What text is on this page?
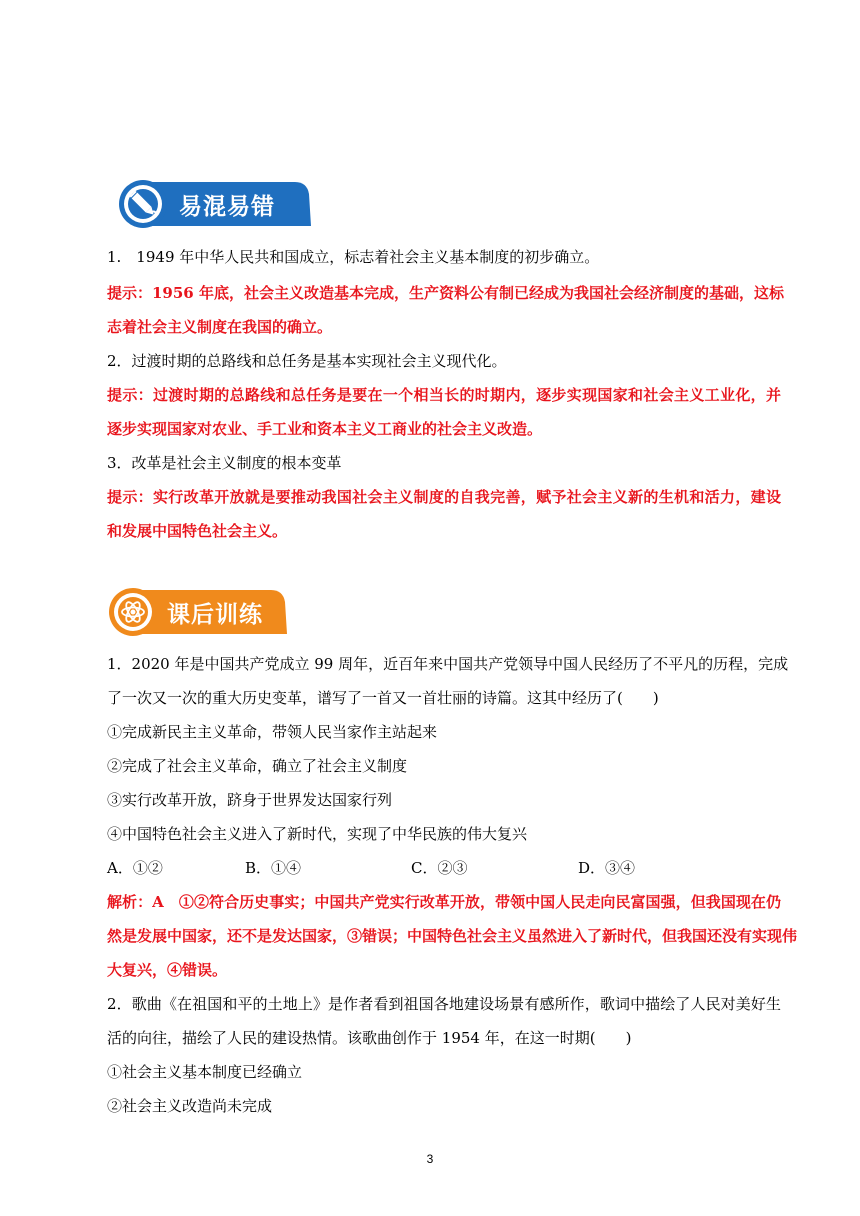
易混易错
1.　1949 年中华人民共和国成立，标志着社会主义基本制度的初步确立。
提示：1956 年底，社会主义改造基本完成，生产资料公有制已经成为我国社会经济制度的基础，这标
志着社会主义制度在我国的确立。
2．过渡时期的总路线和总任务是基本实现社会主义现代化。
提示：过渡时期的总路线和总任务是要在一个相当长的时期内，逐步实现国家和社会主义工业化，并
逐步实现国家对农业、手工业和资本主义工商业的社会主义改造。
3．改革是社会主义制度的根本变革
提示：实行改革开放就是要推动我国社会主义制度的自我完善，赋予社会主义新的生机和活力，建设
和发展中国特色社会主义。
课后训练
1．2020 年是中国共产党成立 99 周年，近百年来中国共产党领导中国人民经历了不平凡的历程，完成
了一次又一次的重大历史变革，谱写了一首又一首壮丽的诗篇。这其中经历了(　　)
①完成新民主主义革命，带领人民当家作主站起来
②完成了社会主义革命，确立了社会主义制度
③实行改革开放，跻身于世界发达国家行列
④中国特色社会主义进入了新时代，实现了中华民族的伟大复兴
A．①②	B．①④	C．②③	D．③④
解析：A　①②符合历史事实；中国共产党实行改革开放，带领中国人民走向民富国强，但我国现在仍
然是发展中国家，还不是发达国家，③错误；中国特色社会主义虽然进入了新时代，但我国还没有实现伟
大复兴，④错误。
2．歌曲《在祖国和平的土地上》是作者看到祖国各地建设场景有感所作，歌词中描绘了人民对美好生
活的向往，描绘了人民的建设热情。该歌曲创作于 1954 年，在这一时期(　　)
①社会主义基本制度已经确立
②社会主义改造尚未完成
3
